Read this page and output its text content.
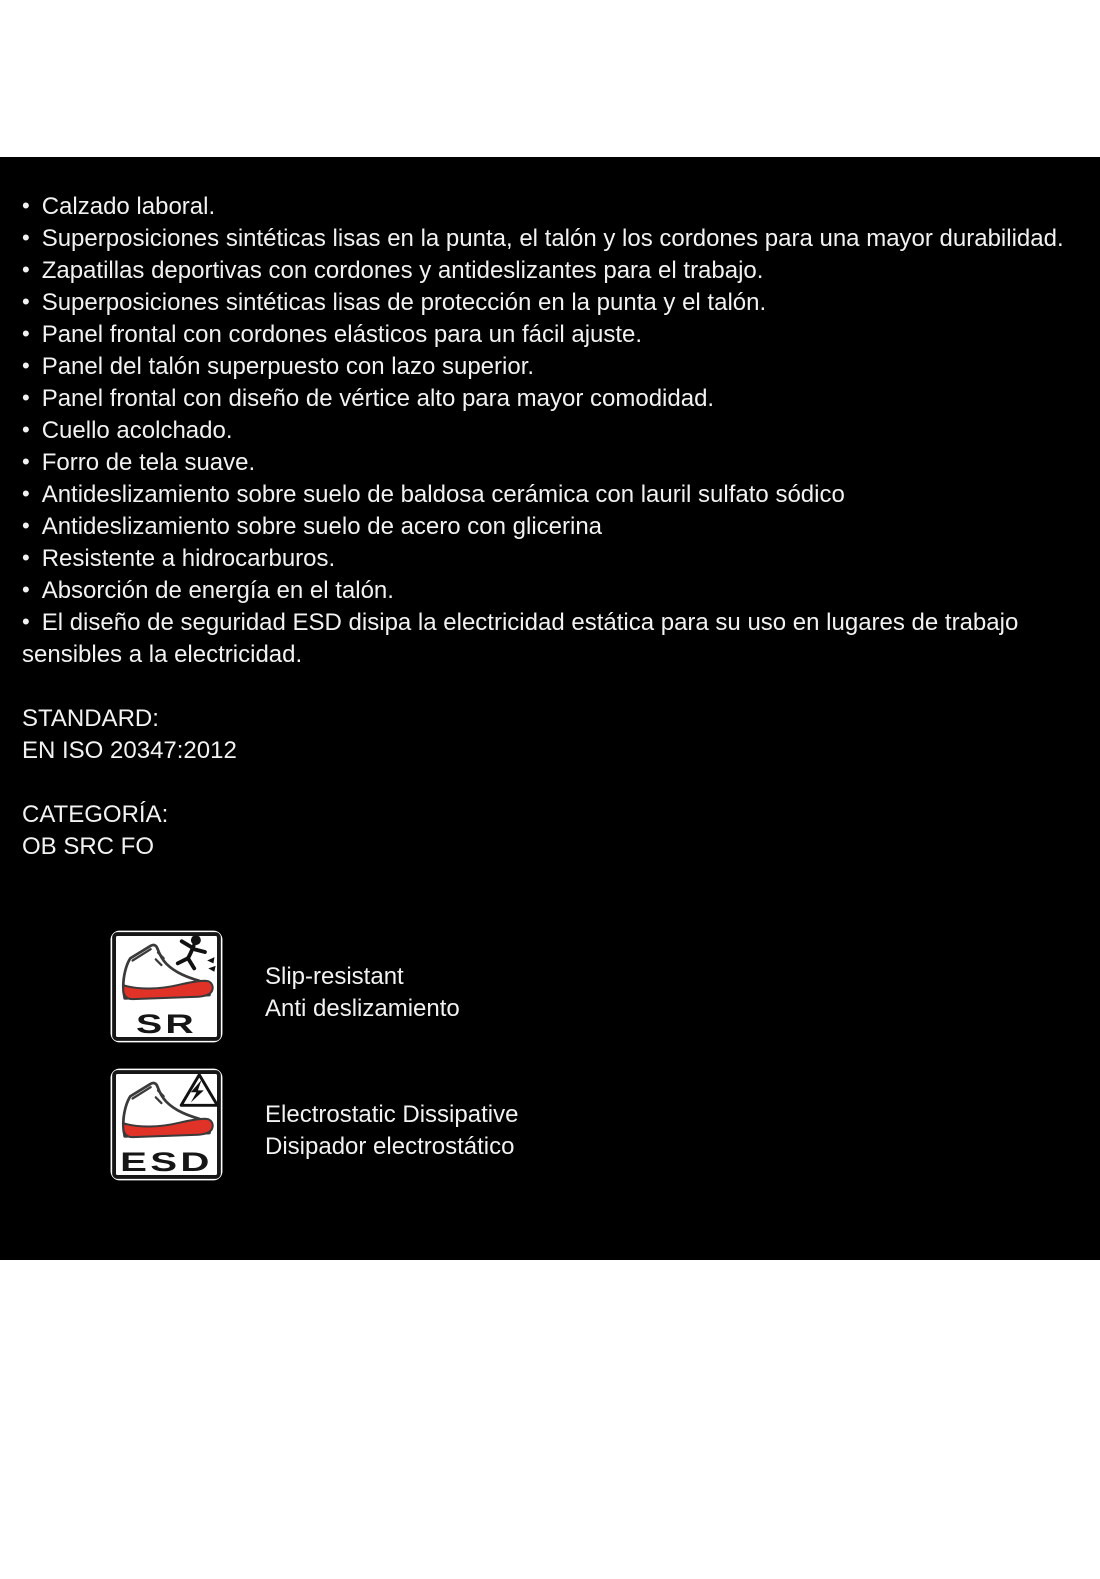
• Calzado laboral.

• Superposiciones sintéticas lisas en la punta, el talón y los cordones para una mayor durabilidad.

• Zapatillas deportivas con cordones y antideslizantes para el trabajo.

• Superposiciones sintéticas lisas de protección en la punta y el talón.

• Panel frontal con cordones elásticos para un fácil ajuste.

• Panel del talón superpuesto con lazo superior.

• Panel frontal con diseño de vértice alto para mayor comodidad.

• Cuello acolchado.

• Forro de tela suave.

• Antideslizamiento sobre suelo de baldosa cerámica con lauril sulfato sódico

• Antideslizamiento sobre suelo de acero con glicerina

• Resistente a hidrocarburos.

• Absorción de energía en el talón.

• El diseño de seguridad ESD disipa la electricidad estática para su uso en lugares de trabajo sensibles a la electricidad.

STANDARD:

EN ISO 20347:2012

CATEGORÍA:

OB SRC FO

SR

Slip-resistant

Anti deslizamiento

ESD

Electrostatic Dissipative

Disipador electrostático
